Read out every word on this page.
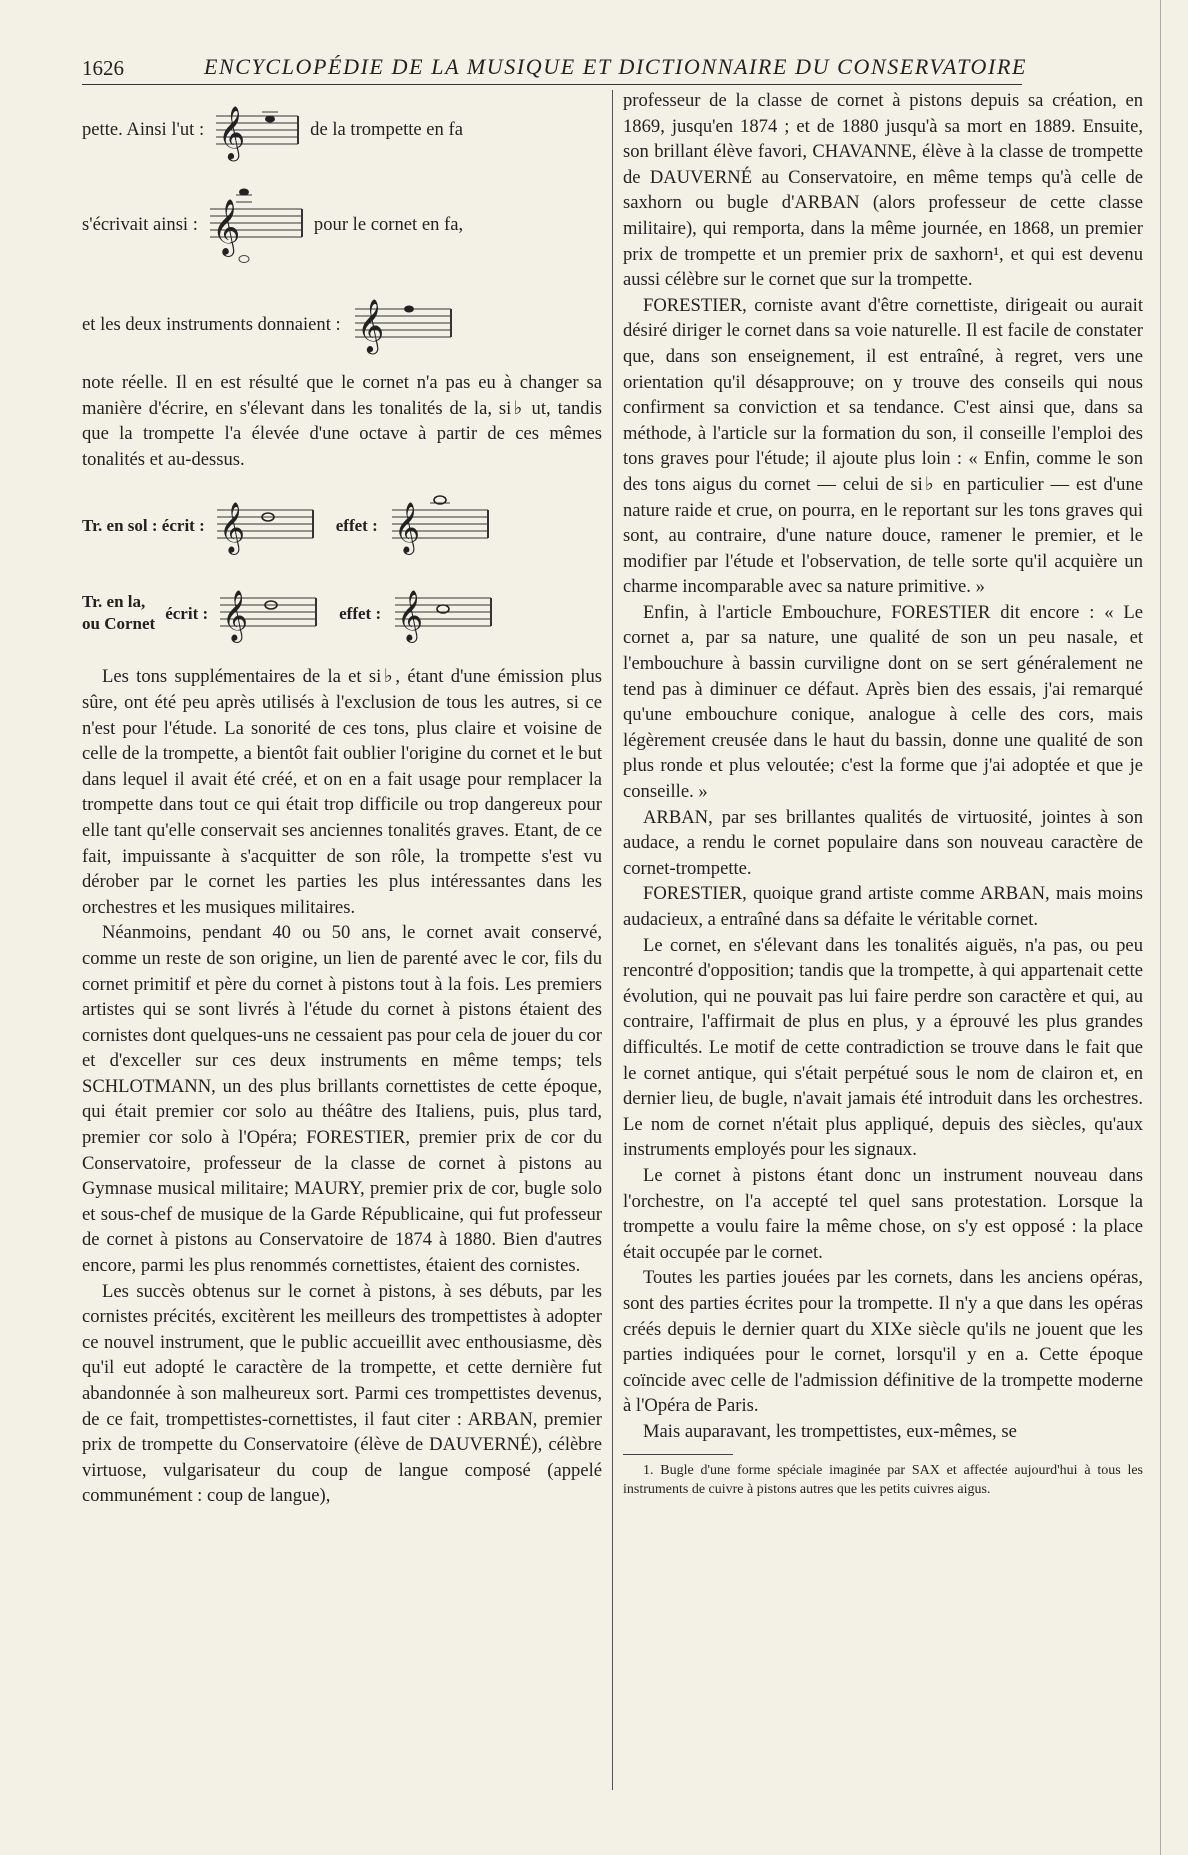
1626	ENCYCLOPÉDIE DE LA MUSIQUE ET DICTIONNAIRE DU CONSERVATOIRE
pette. Ainsi l'ut : 𝄞	de la trompette en fa
s'écrivait ainsi : 𝄞	pour le cornet en fa,
et les deux instruments donnaient : 𝄞

note réelle. Il en est résulté que le cornet n'a pas eu à changer sa manière d'écrire, en s'élevant dans les tonalités de la, si♭ ut, tandis que la trompette l'a élevée d'une octave à partir de ces mêmes tonalités et au-dessus.

Tr. en sol : écrit : 𝄞	effet : 𝄞
Tr. en la,
ou Cornet
écrit : 𝄞	effet : 𝄞

Les tons supplémentaires de la et si♭, étant d'une émission plus sûre, ont été peu après utilisés à l'exclusion de tous les autres, si ce n'est pour l'étude. La sonorité de ces tons, plus claire et voisine de celle de la trompette, a bientôt fait oublier l'origine du cornet et le but dans lequel il avait été créé, et on en a fait usage pour remplacer la trompette dans tout ce qui était trop difficile ou trop dangereux pour elle tant qu'elle conservait ses anciennes tonalités graves. Etant, de ce fait, impuissante à s'acquitter de son rôle, la trompette s'est vu dérober par le cornet les parties les plus intéressantes dans les orchestres et les musiques militaires.

Néanmoins, pendant 40 ou 50 ans, le cornet avait conservé, comme un reste de son origine, un lien de parenté avec le cor, fils du cornet primitif et père du cornet à pistons tout à la fois. Les premiers artistes qui se sont livrés à l'étude du cornet à pistons étaient des cornistes dont quelques-uns ne cessaient pas pour cela de jouer du cor et d'exceller sur ces deux instruments en même temps; tels SCHLOTMANN, un des plus brillants cornettistes de cette époque, qui était premier cor solo au théâtre des Italiens, puis, plus tard, premier cor solo à l'Opéra; FORESTIER, premier prix de cor du Conservatoire, professeur de la classe de cornet à pistons au Gymnase musical militaire; MAURY, premier prix de cor, bugle solo et sous-chef de musique de la Garde Républicaine, qui fut professeur de cornet à pistons au Conservatoire de 1874 à 1880. Bien d'autres encore, parmi les plus renommés cornettistes, étaient des cornistes.

Les succès obtenus sur le cornet à pistons, à ses débuts, par les cornistes précités, excitèrent les meilleurs des trompettistes à adopter ce nouvel instrument, que le public accueillit avec enthousiasme, dès qu'il eut adopté le caractère de la trompette, et cette dernière fut abandonnée à son malheureux sort. Parmi ces trompettistes devenus, de ce fait, trompettistes-cornettistes, il faut citer : ARBAN, premier prix de trompette du Conservatoire (élève de DAUVERNÉ), célèbre virtuose, vulgarisateur du coup de langue composé (appelé communément : coup de langue),

professeur de la classe de cornet à pistons depuis sa création, en 1869, jusqu'en 1874 ; et de 1880 jusqu'à sa mort en 1889. Ensuite, son brillant élève favori, CHAVANNE, élève à la classe de trompette de DAUVERNÉ au Conservatoire, en même temps qu'à celle de saxhorn ou bugle d'ARBAN (alors professeur de cette classe militaire), qui remporta, dans la même journée, en 1868, un premier prix de trompette et un premier prix de saxhorn¹, et qui est devenu aussi célèbre sur le cornet que sur la trompette.

FORESTIER, corniste avant d'être cornettiste, dirigeait ou aurait désiré diriger le cornet dans sa voie naturelle. Il est facile de constater que, dans son enseignement, il est entraîné, à regret, vers une orientation qu'il désapprouve; on y trouve des conseils qui nous confirment sa conviction et sa tendance. C'est ainsi que, dans sa méthode, à l'article sur la formation du son, il conseille l'emploi des tons graves pour l'étude; il ajoute plus loin : « Enfin, comme le son des tons aigus du cornet — celui de si♭ en particulier — est d'une nature raide et crue, on pourra, en le reportant sur les tons graves qui sont, au contraire, d'une nature douce, ramener le premier, et le modifier par l'étude et l'observation, de telle sorte qu'il acquière un charme incomparable avec sa nature primitive. »

Enfin, à l'article Embouchure, FORESTIER dit encore : « Le cornet a, par sa nature, une qualité de son un peu nasale, et l'embouchure à bassin curviligne dont on se sert généralement ne tend pas à diminuer ce défaut. Après bien des essais, j'ai remarqué qu'une embouchure conique, analogue à celle des cors, mais légèrement creusée dans le haut du bassin, donne une qualité de son plus ronde et plus veloutée; c'est la forme que j'ai adoptée et que je conseille. »

ARBAN, par ses brillantes qualités de virtuosité, jointes à son audace, a rendu le cornet populaire dans son nouveau caractère de cornet-trompette.

FORESTIER, quoique grand artiste comme ARBAN, mais moins audacieux, a entraîné dans sa défaite le véritable cornet.

Le cornet, en s'élevant dans les tonalités aiguës, n'a pas, ou peu rencontré d'opposition; tandis que la trompette, à qui appartenait cette évolution, qui ne pouvait pas lui faire perdre son caractère et qui, au contraire, l'affirmait de plus en plus, y a éprouvé les plus grandes difficultés. Le motif de cette contradiction se trouve dans le fait que le cornet antique, qui s'était perpétué sous le nom de clairon et, en dernier lieu, de bugle, n'avait jamais été introduit dans les orchestres. Le nom de cornet n'était plus appliqué, depuis des siècles, qu'aux instruments employés pour les signaux.

Le cornet à pistons étant donc un instrument nouveau dans l'orchestre, on l'a accepté tel quel sans protestation. Lorsque la trompette a voulu faire la même chose, on s'y est opposé : la place était occupée par le cornet.

Toutes les parties jouées par les cornets, dans les anciens opéras, sont des parties écrites pour la trompette. Il n'y a que dans les opéras créés depuis le dernier quart du XIXe siècle qu'ils ne jouent que les parties indiquées pour le cornet, lorsqu'il y en a. Cette époque coïncide avec celle de l'admission définitive de la trompette moderne à l'Opéra de Paris.

Mais auparavant, les trompettistes, eux-mêmes, se

1. Bugle d'une forme spéciale imaginée par SAX et affectée aujourd'hui à tous les instruments de cuivre à pistons autres que les petits cuivres aigus.
